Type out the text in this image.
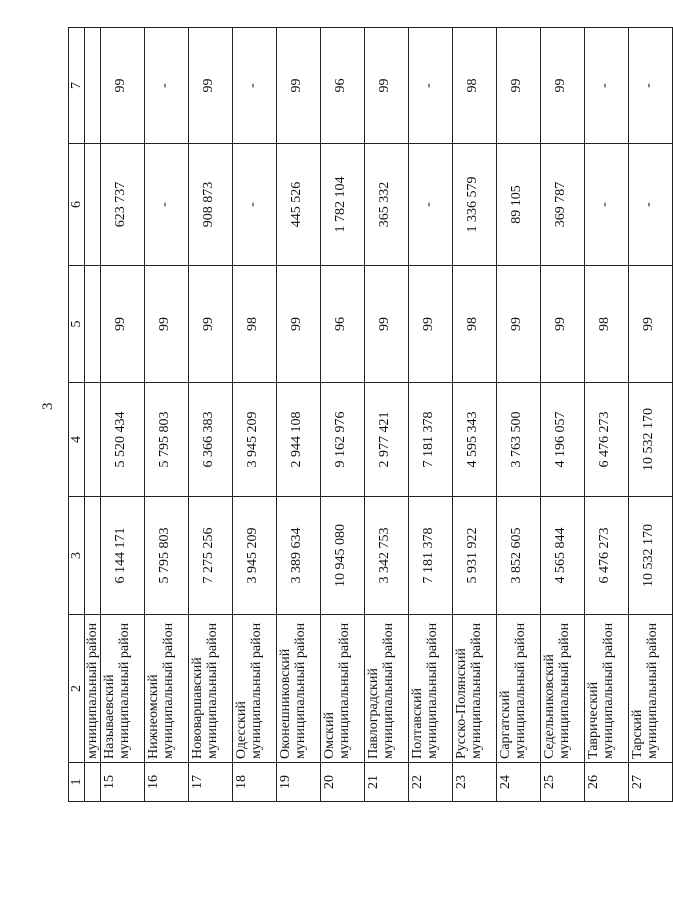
3
1	2	3	4	5	6	7
	муниципальный район					
15	Называевский муниципальный район	6 144 171	5 520 434	99	623 737	99
16	Нижнеомский муниципальный район	5 795 803	5 795 803	99	-	-
17	Нововаршавский муниципальный район	7 275 256	6 366 383	99	908 873	99
18	Одесский муниципальный район	3 945 209	3 945 209	98	-	-
19	Оконешниковский муниципальный район	3 389 634	2 944 108	99	445 526	99
20	Омский муниципальный район	10 945 080	9 162 976	96	1 782 104	96
21	Павлоградский муниципальный район	3 342 753	2 977 421	99	365 332	99
22	Полтавский муниципальный район	7 181 378	7 181 378	99	-	-
23	Русско-Полянский муниципальный район	5 931 922	4 595 343	98	1 336 579	98
24	Саргатский муниципальный район	3 852 605	3 763 500	99	89 105	99
25	Седельниковский муниципальный район	4 565 844	4 196 057	99	369 787	99
26	Таврический муниципальный район	6 476 273	6 476 273	98	-	-
27	Тарский муниципальный район	10 532 170	10 532 170	99	-	-
